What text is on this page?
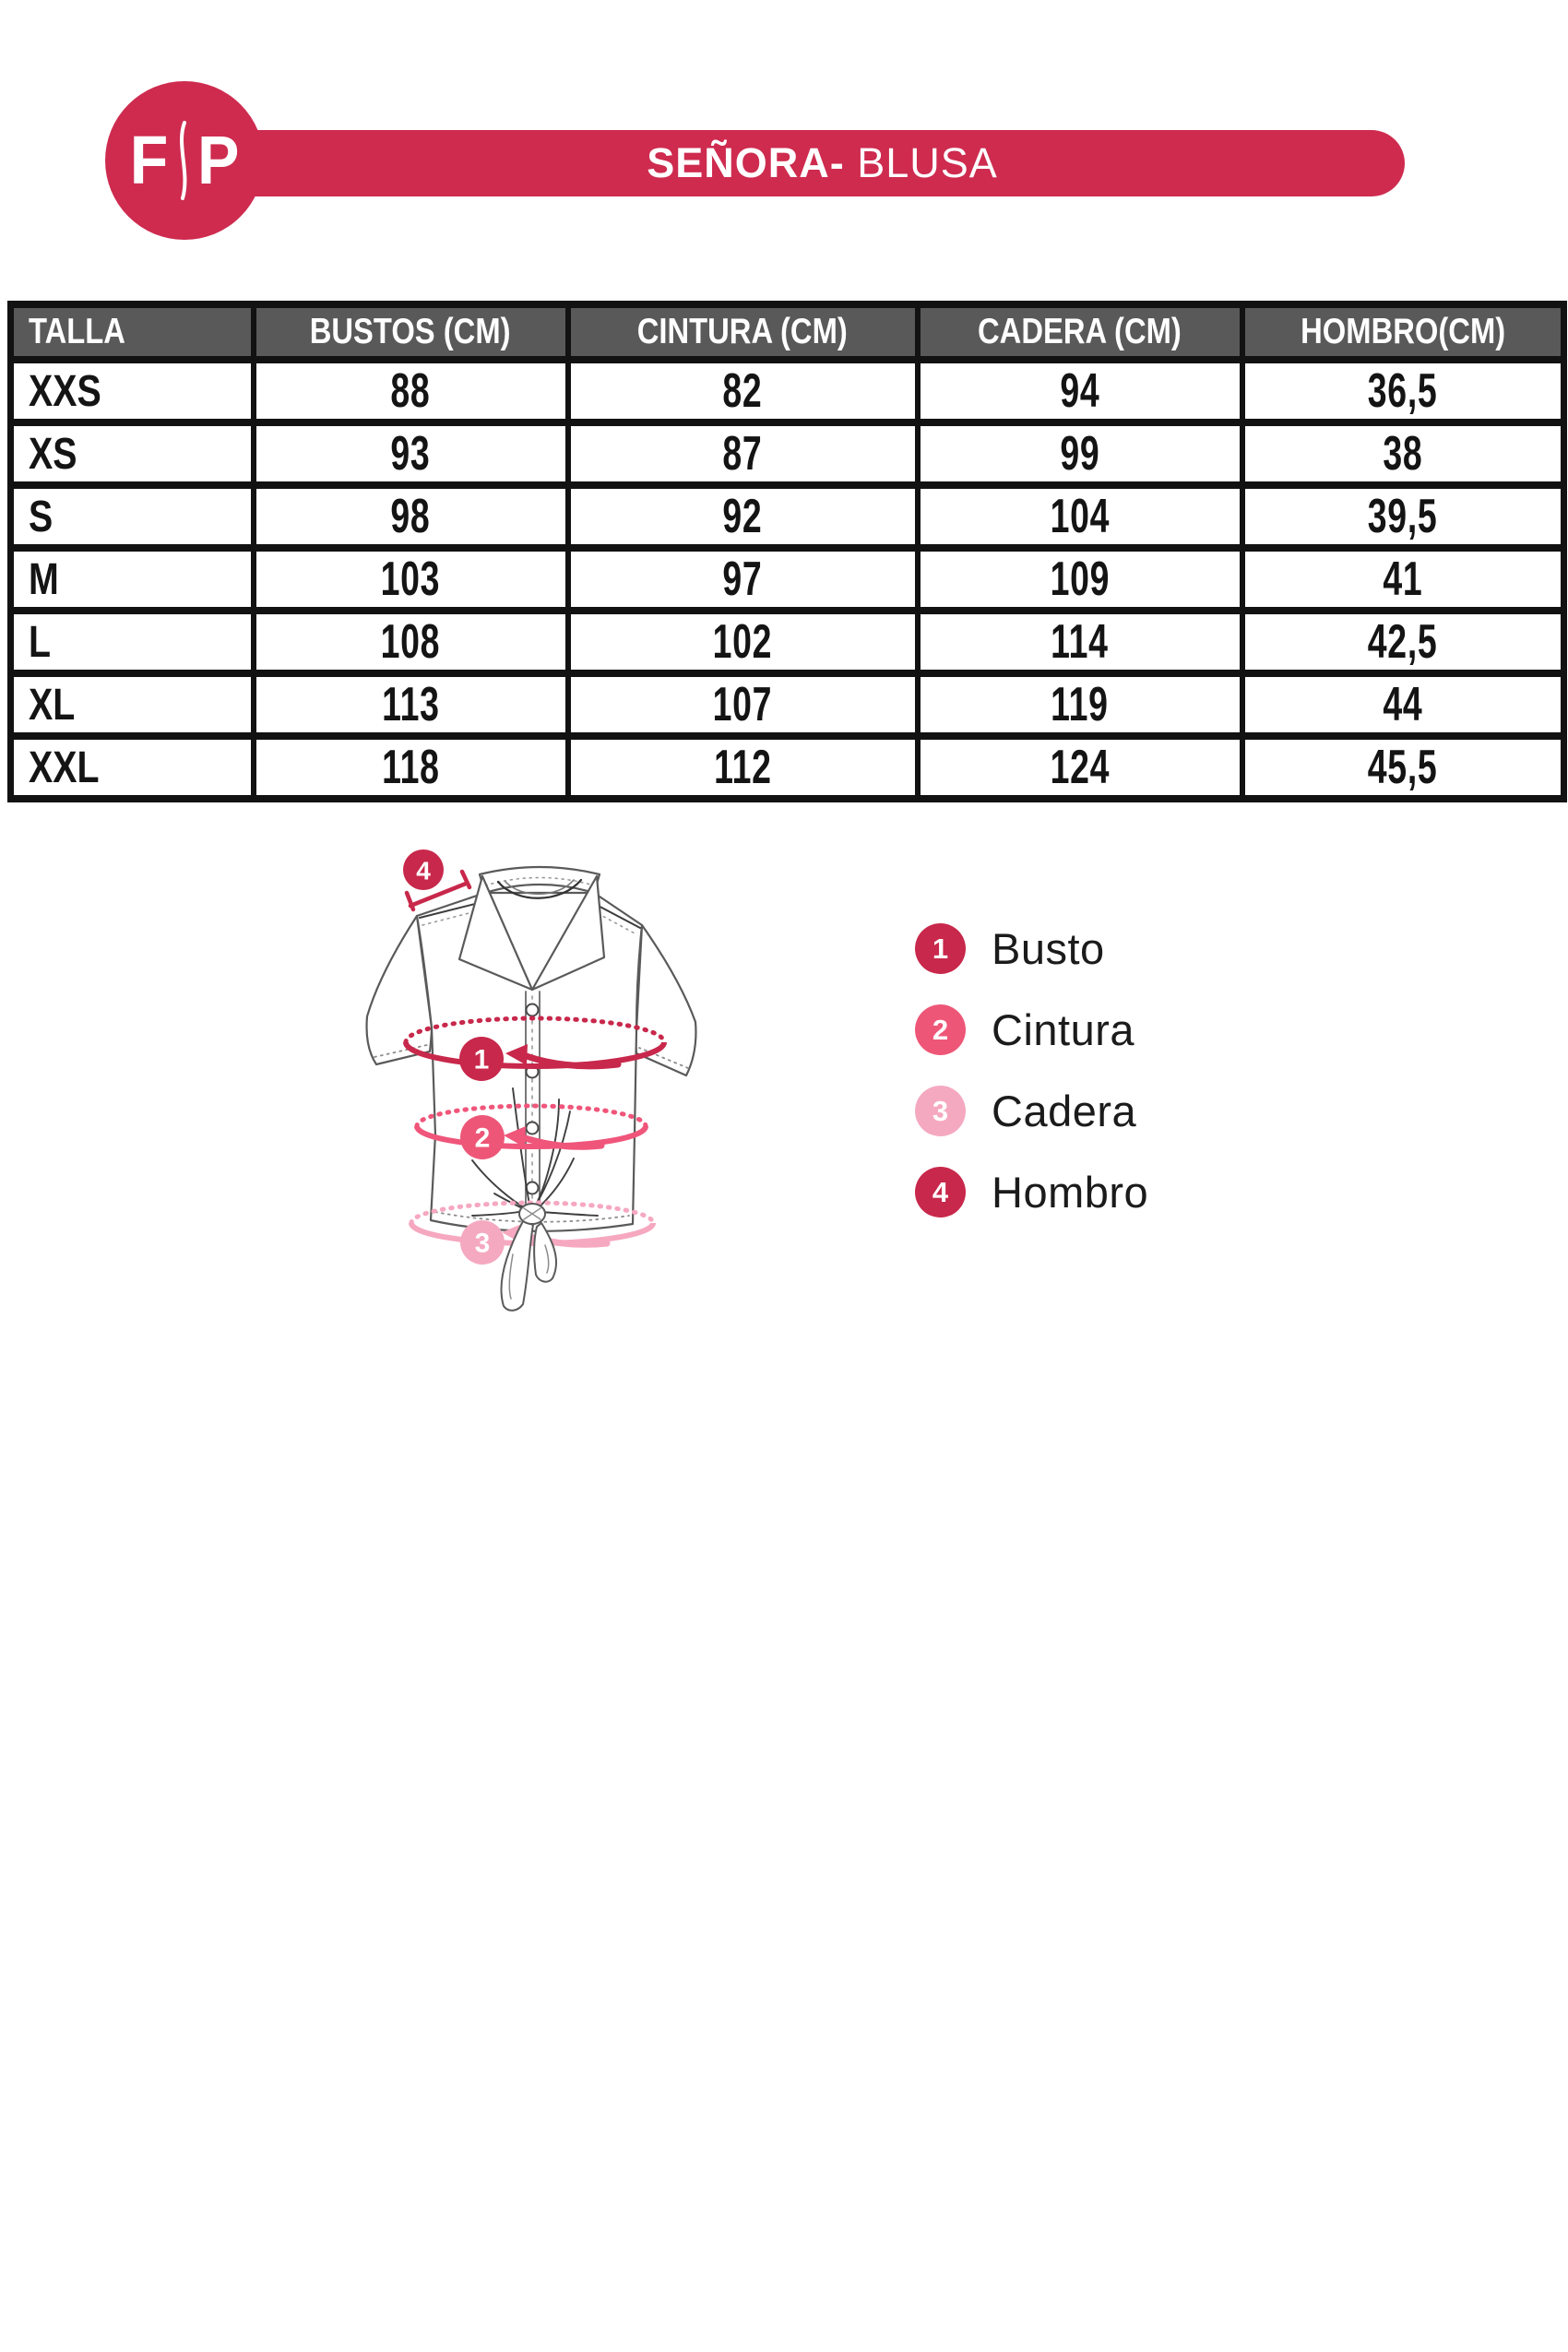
SEÑORA- BLUSA
F P
TALLA	BUSTOS (CM)	CINTURA (CM)	CADERA (CM)	HOMBRO(CM)
XXS	88	82	94	36,5
XS	93	87	99	38
S	98	92	104	39,5
M	103	97	109	41
L	108	102	114	42,5
XL	113	107	119	44
XXL	118	112	124	45,5
1
2
3
4
1 Busto
2 Cintura
3 Cadera
4 Hombro
